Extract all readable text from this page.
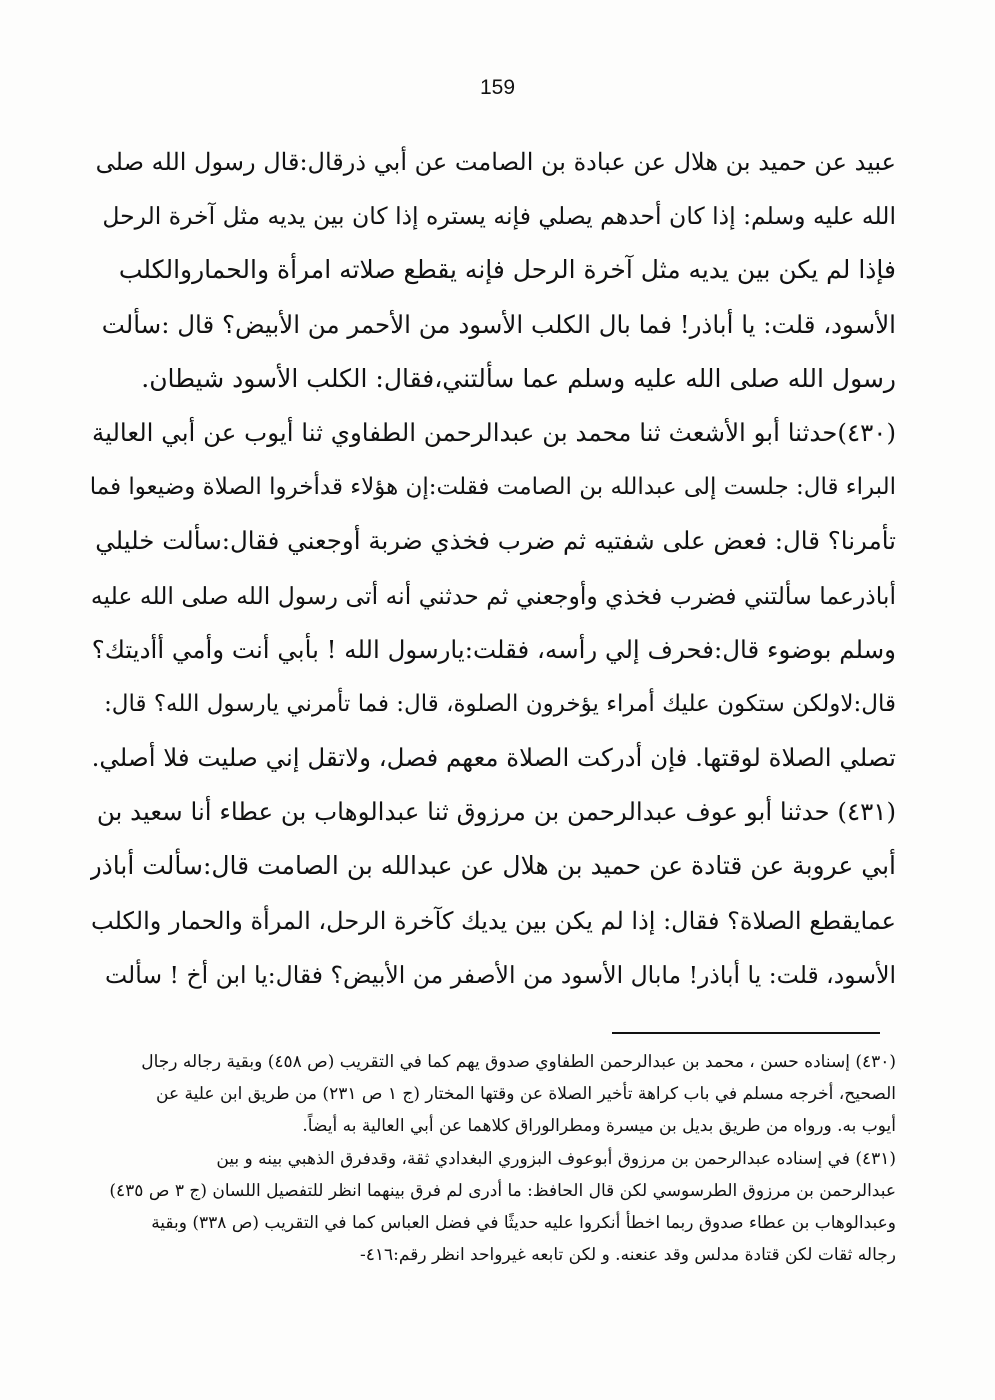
159
عبيد عن حميد بن هلال عن عبادة بن الصامت عن أبي ذرقال:قال رسول الله صلى
الله عليه وسلم: إذا كان أحدهم يصلي فإنه يستره إذا كان بين يديه مثل آخرة الرحل
فإذا لم يكن بين يديه مثل آخرة الرحل فإنه يقطع صلاته امرأة والحماروالكلب
الأسود، قلت: يا أباذر! فما بال الكلب الأسود من الأحمر من الأبيض؟ قال :سألت
رسول الله صلى الله عليه وسلم عما سألتني،فقال: الكلب الأسود شيطان.
(٤٣٠)حدثنا أبو الأشعث ثنا محمد بن عبدالرحمن الطفاوي ثنا أيوب عن أبي العالية
البراء قال: جلست إلى عبدالله بن الصامت فقلت:إن هؤلاء قدأخروا الصلاة وضيعوا فما
تأمرنا؟ قال: فعض على شفتيه ثم ضرب فخذي ضربة أوجعني فقال:سألت خليلي
أباذرعما سألتني فضرب فخذي وأوجعني ثم حدثني أنه أتى رسول الله صلى الله عليه
وسلم بوضوء قال:فحرف إلي رأسه، فقلت:يارسول الله ! بأبي أنت وأمي أأديتك؟
قال:لاولكن ستكون عليك أمراء يؤخرون الصلوة، قال: فما تأمرني يارسول الله؟ قال:
تصلي الصلاة لوقتها. فإن أدركت الصلاة معهم فصل، ولاتقل إني صليت فلا أصلي.
(٤٣١) حدثنا أبو عوف عبدالرحمن بن مرزوق ثنا عبدالوهاب بن عطاء أنا سعيد بن
أبي عروبة عن قتادة عن حميد بن هلال عن عبدالله بن الصامت قال:سألت أباذر
عمايقطع الصلاة؟ فقال: إذا لم يكن بين يديك كآخرة الرحل، المرأة والحمار والكلب
الأسود، قلت: يا أباذر! مابال الأسود من الأصفر من الأبيض؟ فقال:يا ابن أخ ! سألت
(٤٣٠) إسناده حسن ، محمد بن عبدالرحمن الطفاوي صدوق يهم كما في التقريب (ص ٤٥٨) وبقية رجاله رجال
الصحيح، أخرجه مسلم في باب كراهة تأخير الصلاة عن وقتها المختار (ج ١ ص ٢٣١) من طريق ابن علية عن
أيوب به. ورواه من طريق بديل بن ميسرة ومطرالوراق كلاهما عن أبي العالية به أيضاً.
(٤٣١) في إسناده عبدالرحمن بن مرزوق أبوعوف البزوري البغدادي ثقة، وقدفرق الذهبي بينه و بين
عبدالرحمن بن مرزوق الطرسوسي لكن قال الحافظ: ما أدرى لم فرق بينهما انظر للتفصيل اللسان (ج ٣ ص ٤٣٥)
وعبدالوهاب بن عطاء صدوق ربما اخطأ أنكروا عليه حديثًا في فضل العباس كما في التقريب (ص ٣٣٨) وبقية
رجاله ثقات لكن قتادة مدلس وقد عنعنه. و لكن تابعه غيرواحد انظر رقم:٤١٦-
